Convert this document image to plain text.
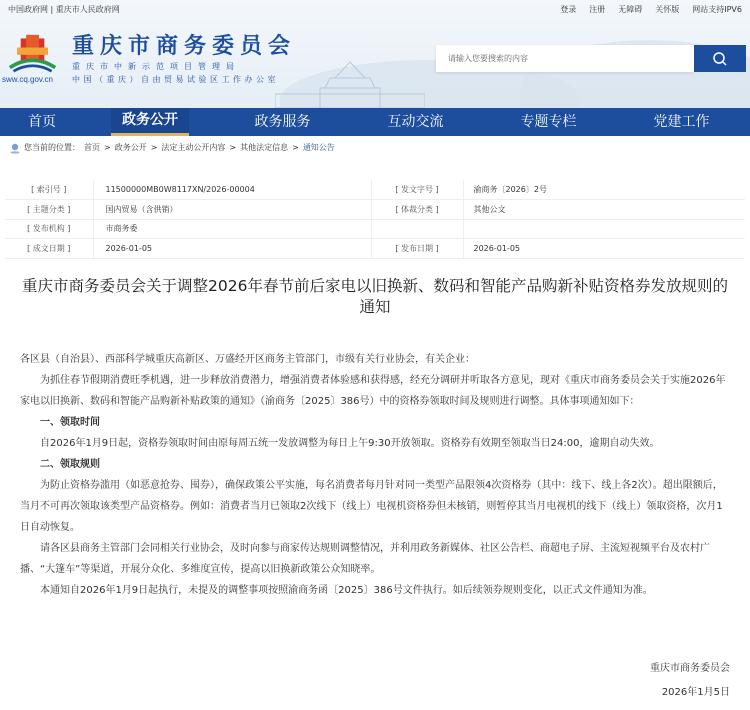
中国政府网 | 重庆市人民政府网	登录 注册 无障碍 关怀版 网站支持IPV6
sww.cq.gov.cn
重庆市商务委员会
重庆市中新示范项目管理局
中国（重庆）自由贸易试验区工作办公室
请输入您要搜索的内容
首页	政务公开	政务服务	互动交流	专题专栏	党建工作
您当前的位置： 首页 > 政务公开 > 法定主动公开内容 > 其他法定信息 > 通知公告
[ 索引号 ]	11500000MB0W8117XN/2026-00004	[ 发文字号 ]	渝商务〔2026〕2号
[ 主题分类 ]	国内贸易（含供销）	[ 体裁分类 ]	其他公文
[ 发布机构 ]	市商务委		
[ 成文日期 ]	2026-01-05	[ 发布日期 ]	2026-01-05
重庆市商务委员会关于调整2026年春节前后家电以旧换新、数码和智能产品购新补贴资格券发放规则的通知

各区县（自治县）、西部科学城重庆高新区、万盛经开区商务主管部门，市级有关行业协会，有关企业：

为抓住春节假期消费旺季机遇，进一步释放消费潜力，增强消费者体验感和获得感，经充分调研并听取各方意见，现对《重庆市商务委员会关于实施2026年家电以旧换新、数码和智能产品购新补贴政策的通知》（渝商务〔2025〕386号）中的资格券领取时间及规则进行调整。具体事项通知如下：

一、领取时间

自2026年1月9日起，资格券领取时间由原每周五统一发放调整为每日上午9:30开放领取。资格券有效期至领取当日24:00，逾期自动失效。

二、领取规则

为防止资格券滥用（如恶意抢券、囤券），确保政策公平实施，每名消费者每月针对同一类型产品限领4次资格券（其中：线下、线上各2次）。超出限额后，当月不可再次领取该类型产品资格券。例如：消费者当月已领取2次线下（线上）电视机资格券但未核销，则暂停其当月电视机的线下（线上）领取资格，次月1日自动恢复。

请各区县商务主管部门会同相关行业协会，及时向参与商家传达规则调整情况，并利用政务新媒体、社区公告栏、商超电子屏、主流短视频平台及农村广播、“大篷车”等渠道，开展分众化、多维度宣传，提高以旧换新政策公众知晓率。

本通知自2026年1月9日起执行，未提及的调整事项按照渝商务函〔2025〕386号文件执行。如后续领券规则变化，以正式文件通知为准。

重庆市商务委员会
2026年1月5日
